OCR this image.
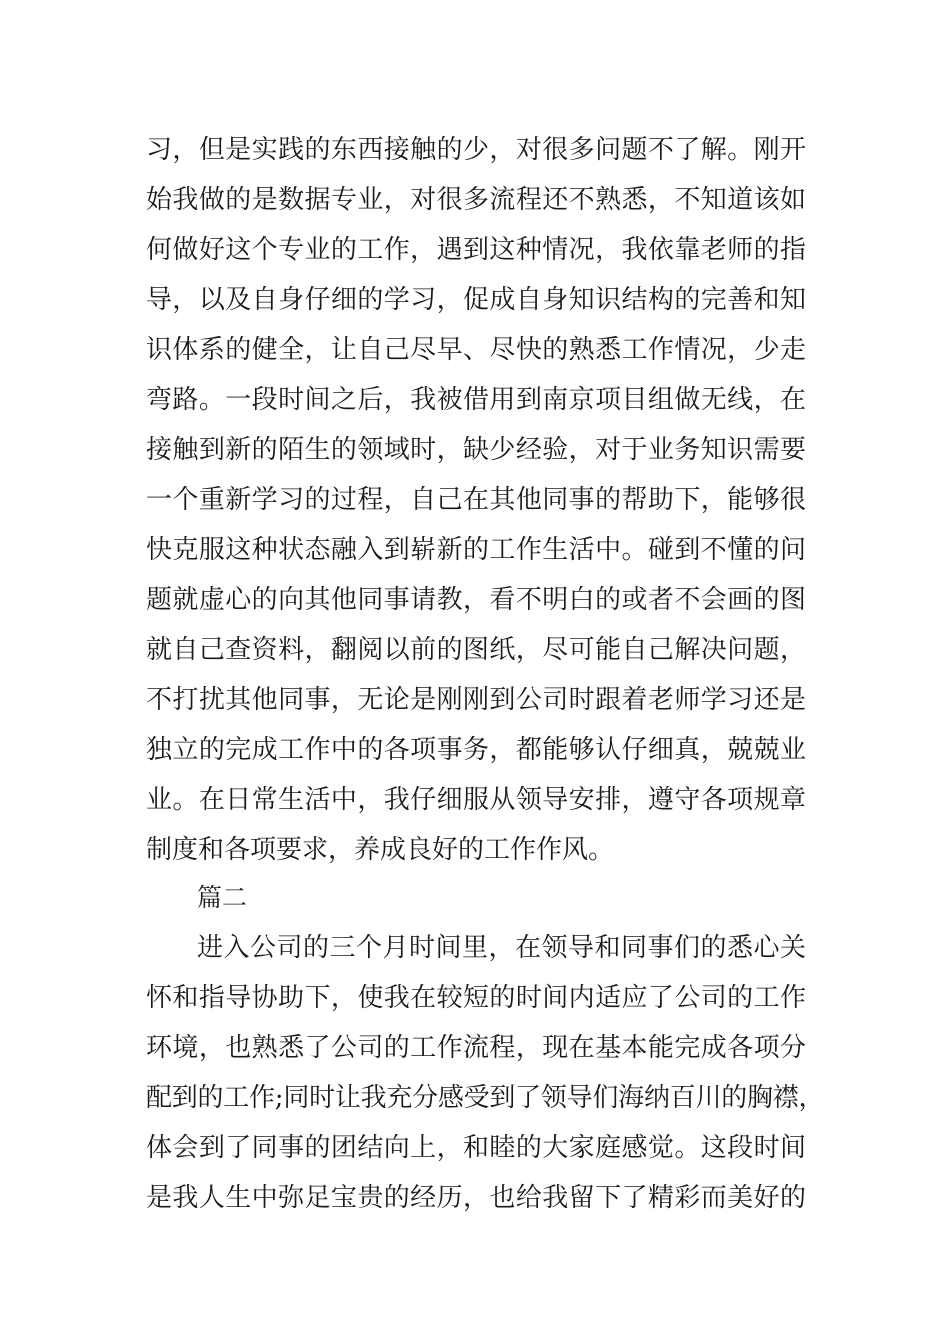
习，但是实践的东西接触的少，对很多问题不了解。刚开
始我做的是数据专业，对很多流程还不熟悉，不知道该如
何做好这个专业的工作，遇到这种情况，我依靠老师的指
导，以及自身仔细的学习，促成自身知识结构的完善和知
识体系的健全，让自己尽早、尽快的熟悉工作情况，少走
弯路。一段时间之后，我被借用到南京项目组做无线，在
接触到新的陌生的领域时，缺少经验，对于业务知识需要
一个重新学习的过程，自己在其他同事的帮助下，能够很
快克服这种状态融入到崭新的工作生活中。碰到不懂的问
题就虚心的向其他同事请教，看不明白的或者不会画的图
就自己查资料，翻阅以前的图纸，尽可能自己解决问题，
不打扰其他同事，无论是刚刚到公司时跟着老师学习还是
独立的完成工作中的各项事务，都能够认仔细真，兢兢业
业。在日常生活中，我仔细服从领导安排，遵守各项规章
制度和各项要求，养成良好的工作作风。
篇二
进入公司的三个月时间里，在领导和同事们的悉心关
怀和指导协助下，使我在较短的时间内适应了公司的工作
环境，也熟悉了公司的工作流程，现在基本能完成各项分
配到的工作;同时让我充分感受到了领导们海纳百川的胸襟，
体会到了同事的团结向上，和睦的大家庭感觉。这段时间
是我人生中弥足宝贵的经历，也给我留下了精彩而美好的
